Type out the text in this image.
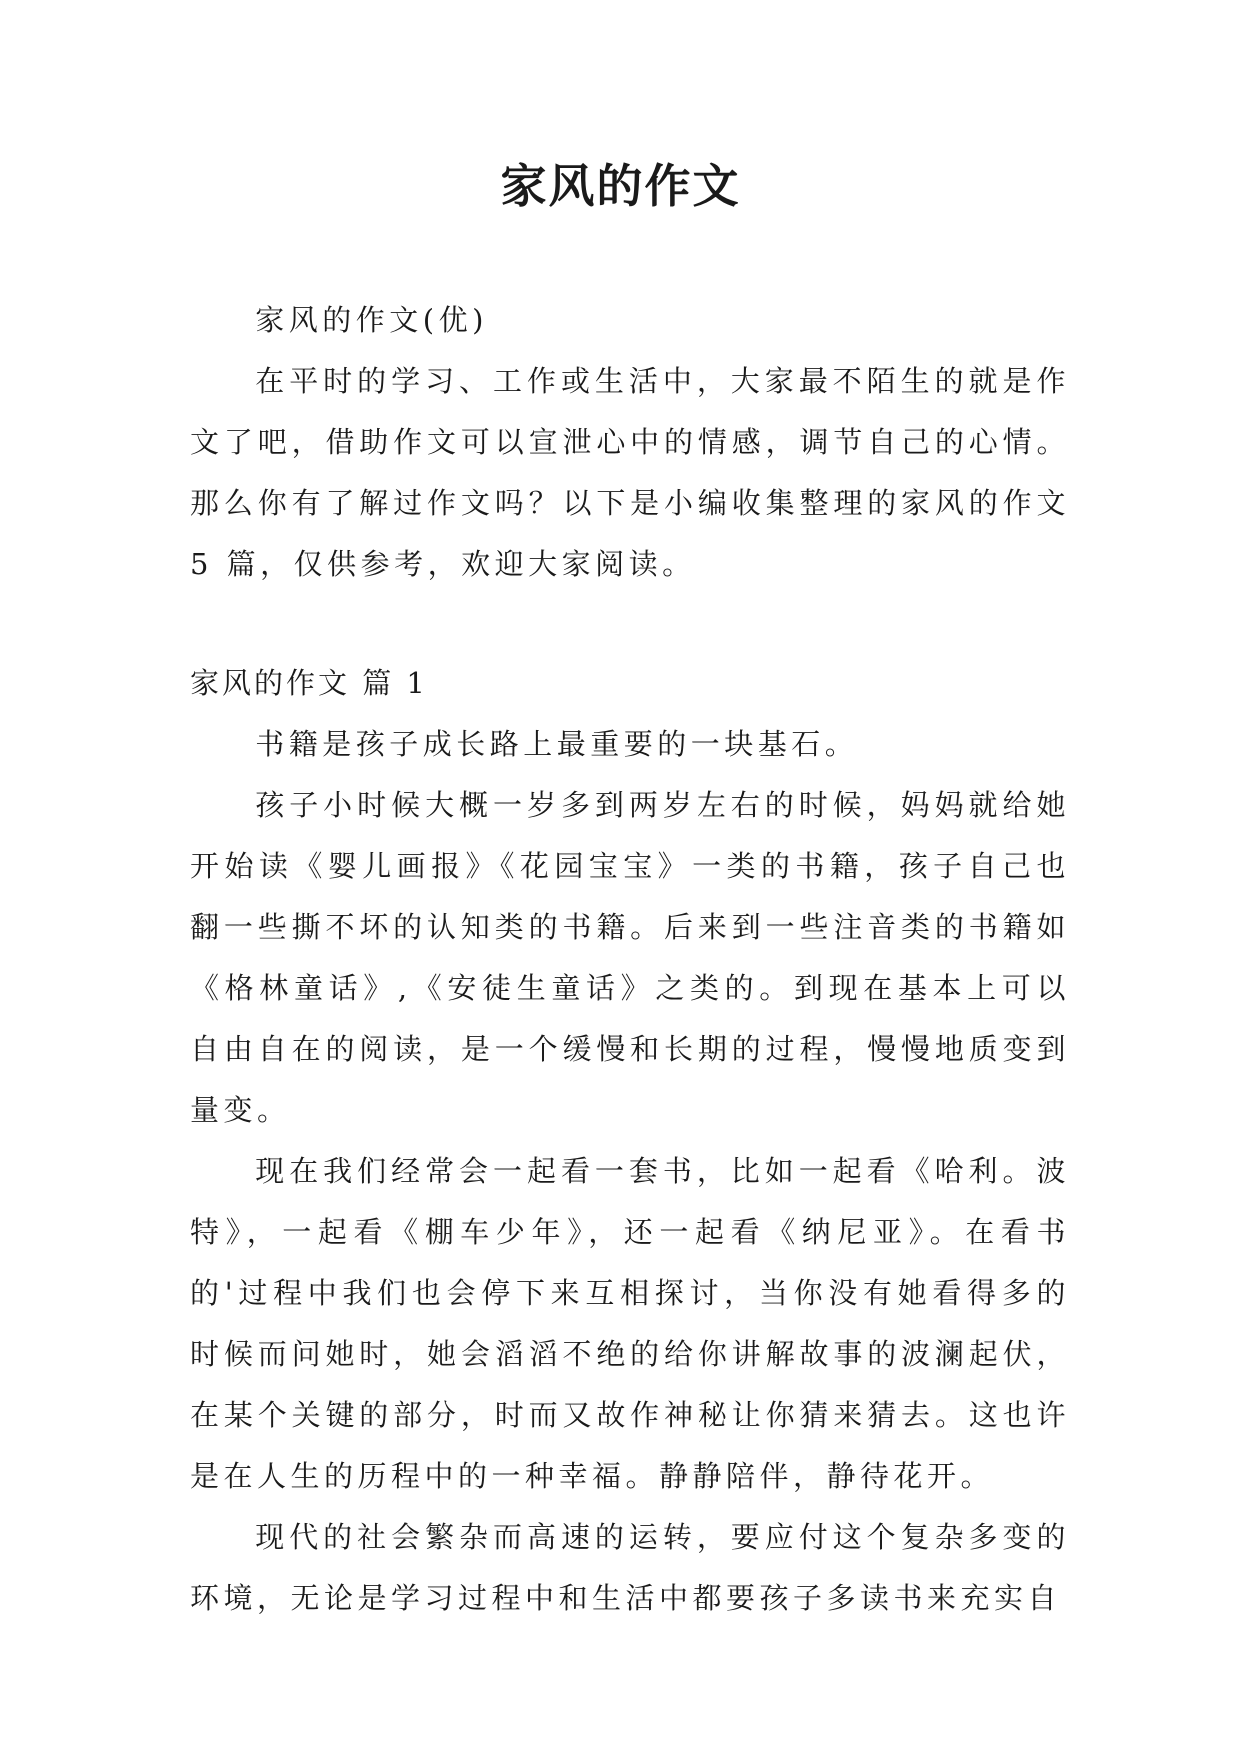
家风的作文

家风的作文(优)

在平时的学习、工作或生活中，大家最不陌生的就是作文了吧，借助作文可以宣泄心中的情感，调节自己的心情。那么你有了解过作文吗？以下是小编收集整理的家风的作文 5 篇，仅供参考，欢迎大家阅读。

家风的作文 篇 1

书籍是孩子成长路上最重要的一块基石。

孩子小时候大概一岁多到两岁左右的时候，妈妈就给她开始读《婴儿画报》《花园宝宝》一类的书籍，孩子自己也翻一些撕不坏的认知类的书籍。后来到一些注音类的书籍如《格林童话》,《安徒生童话》之类的。到现在基本上可以自由自在的阅读，是一个缓慢和长期的过程，慢慢地质变到量变。

现在我们经常会一起看一套书，比如一起看《哈利。波特》，一起看《棚车少年》，还一起看《纳尼亚》。在看书的'过程中我们也会停下来互相探讨，当你没有她看得多的时候而问她时，她会滔滔不绝的给你讲解故事的波澜起伏，在某个关键的部分，时而又故作神秘让你猜来猜去。这也许是在人生的历程中的一种幸福。静静陪伴，静待花开。

现代的社会繁杂而高速的运转，要应付这个复杂多变的环境，无论是学习过程中和生活中都要孩子多读书来充实自
